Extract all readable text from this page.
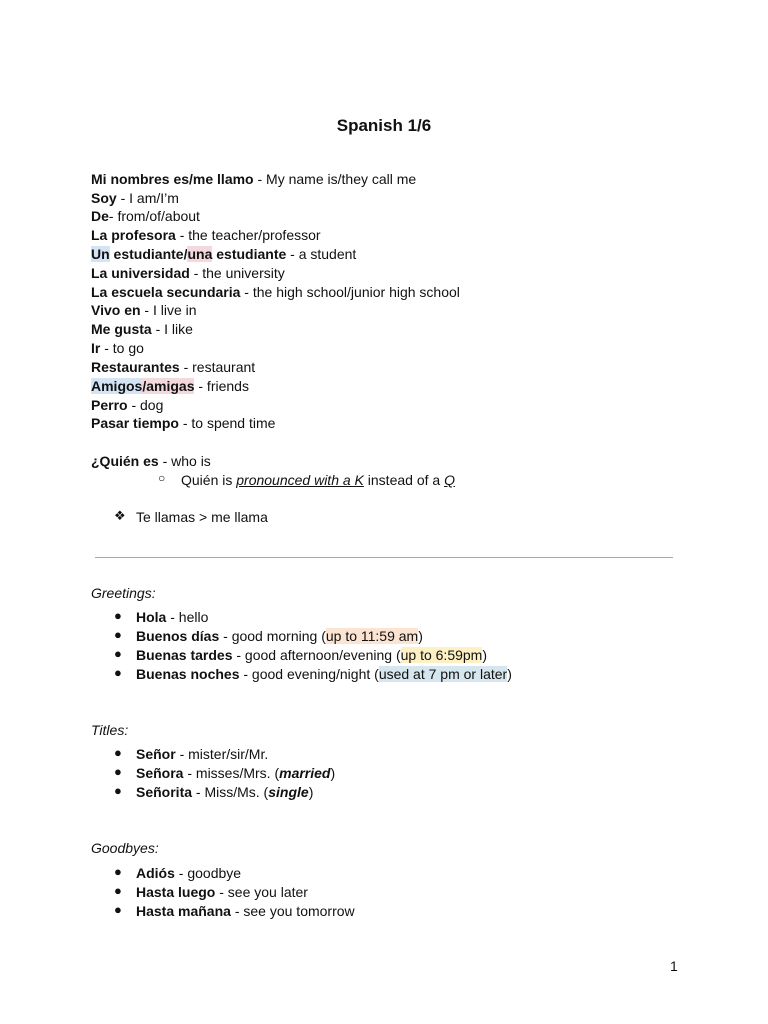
Spanish 1/6
Mi nombres es/me llamo - My name is/they call me
Soy - I am/I’m
De- from/of/about
La profesora - the teacher/professor
Un estudiante/una estudiante - a student
La universidad - the university
La escuela secundaria - the high school/junior high school
Vivo en - I live in
Me gusta - I like
Ir - to go
Restaurantes - restaurant
Amigos/amigas - friends
Perro - dog
Pasar tiempo - to spend time
¿Quién es - who is
○ Quién is pronounced with a K instead of a Q
❖ Te llamas > me llama
Greetings:
●	Hola - hello
●	Buenos días - good morning (up to 11:59 am)
●	Buenas tardes - good afternoon/evening (up to 6:59pm)
●	Buenas noches - good evening/night (used at 7 pm or later)
Titles:
●	Señor - mister/sir/Mr.
●	Señora - misses/Mrs. (married)
●	Señorita - Miss/Ms. (single)
Goodbyes:
●	Adiós - goodbye
●	Hasta luego - see you later
●	Hasta mañana - see you tomorrow
1
